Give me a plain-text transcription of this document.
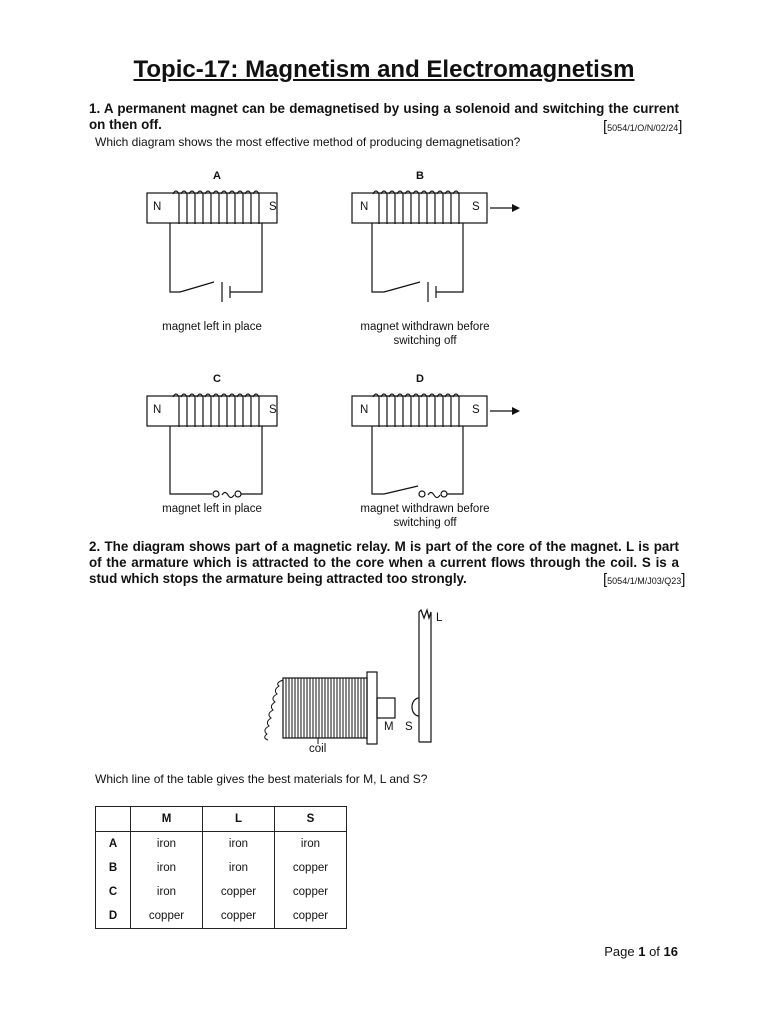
Topic-17: Magnetism and Electromagnetism
1. A permanent magnet can be demagnetised by using a solenoid and switching the current on then off.	[5054/1/O/N/02/24]
Which diagram shows the most effective method of producing demagnetisation?
A	B
C	D
N	S	N	S
N	S	N	S
magnet left in place	magnet withdrawn before
switching off
magnet left in place	magnet withdrawn before
switching off
2. The diagram shows part of a magnetic relay. M is part of the core of the magnet. L is part of the armature which is attracted to the core when a current flows through the coil. S is a stud which stops the armature being attracted too strongly.	[5054/1/M/J03/Q23]
L
M S
coil
Which line of the table gives the best materials for M, L and S?
	M	L	S
A	iron	iron	iron
B	iron	iron	copper
C	iron	copper	copper
D	copper	copper	copper
Page 1 of 16
